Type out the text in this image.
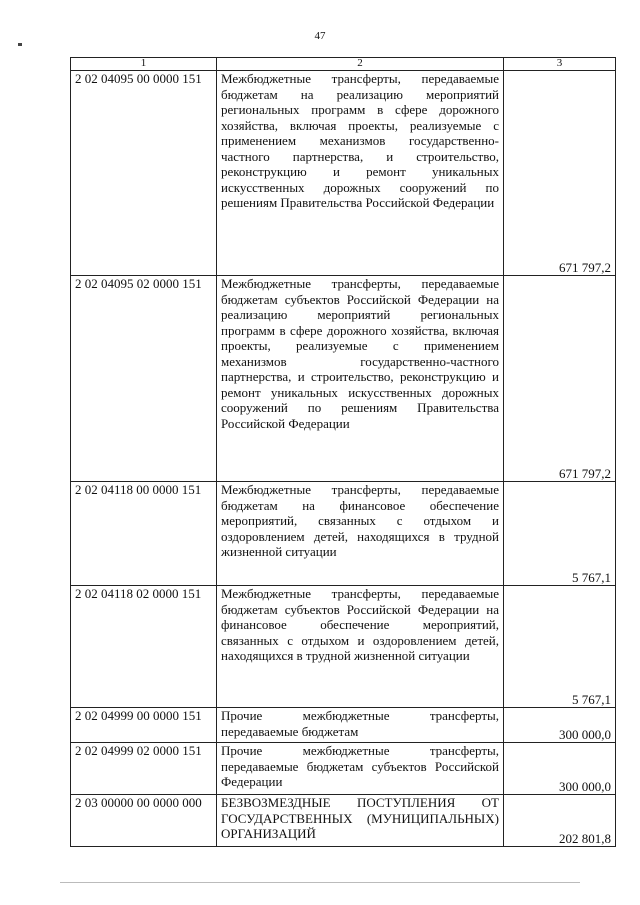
47
1	2	3
2 02 04095 00 0000 151	Межбюджетные трансферты, передаваемые бюджетам на реализацию мероприятий региональных программ в сфере дорожного хозяйства, включая проекты, реализуемые с применением механизмов государственно-частного партнерства, и строительство, реконструкцию и ремонт уникальных искусственных дорожных сооружений по решениям Правительства Российской Федерации	671 797,2
2 02 04095 02 0000 151	Межбюджетные трансферты, передаваемые бюджетам субъектов Российской Федерации на реализацию мероприятий региональных программ в сфере дорожного хозяйства, включая проекты, реализуемые с применением механизмов государственно-частного партнерства, и строительство, реконструкцию и ремонт уникальных искусственных дорожных сооружений по решениям Правительства Российской Федерации	671 797,2
2 02 04118 00 0000 151	Межбюджетные трансферты, передаваемые бюджетам на финансовое обеспечение мероприятий, связанных с отдыхом и оздоровлением детей, находящихся в трудной жизненной ситуации	5 767,1
2 02 04118 02 0000 151	Межбюджетные трансферты, передаваемые бюджетам субъектов Российской Федерации на финансовое обеспечение мероприятий, связанных с отдыхом и оздоровлением детей, находящихся в трудной жизненной ситуации	5 767,1
2 02 04999 00 0000 151	Прочие межбюджетные трансферты, передаваемые бюджетам	300 000,0
2 02 04999 02 0000 151	Прочие межбюджетные трансферты, передаваемые бюджетам субъектов Российской Федерации	300 000,0
2 03 00000 00 0000 000	БЕЗВОЗМЕЗДНЫЕ ПОСТУПЛЕНИЯ ОТ ГОСУДАРСТВЕННЫХ (МУНИЦИПАЛЬНЫХ) ОРГАНИЗАЦИЙ	202 801,8
